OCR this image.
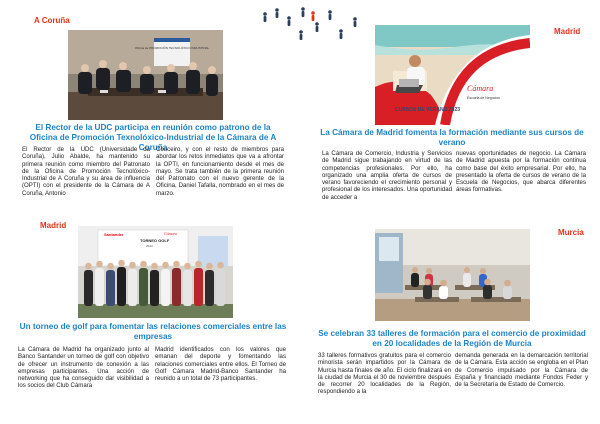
A Coruña
Oficina de PROMOCIÓN TECNOLÓXICO INDUSTRIAL
El Rector de la UDC participa en reunión como patrono de la Oficina de Promoción Texnolóxico-Industrial de la Cámara de A Coruña
El Rector de la UDC (Universidade da Coruña), Julio Abalde, ha mantenido su primera reunión como miembro del Patronato de la Oficina de Promoción Tecnolóxico-Industrial de A Coruña y su área de influencia (OPTI) con el presidente de la Cámara de A Coruña, Antonio
Couceiro, y con el resto de miembros para abordar los retos inmediatos que va a afrontar la OPTI, en funcionamiento desde el mes de mayo. Se trata también de la primera reunión del Patronato con el nuevo gerente de la Oficina, Daniel Tafalla, nombrado en el mes de marzo.
Madrid
CURSOS DE VERANO 2023
Cámara
Escuela de Negocios
La Cámara de Madrid fomenta la formación mediante sus cursos de verano
La Cámara de Comercio, Industria y Servicios de Madrid sigue trabajando en virtud de las competencias profesionales. Por ello, ha organizado una amplia oferta de cursos de verano favoreciendo el crecimiento personal y profesional de los interesados. Una oportunidad de acceder a
nuevas oportunidades de negocio. La Cámara de Madrid apuesta por la formación continua como base del éxito empresarial. Por ello, ha presentado la oferta de cursos de verano de la Escuela de Negocios, que abarca diferentes áreas formativas.
Madrid
Santander
TORNEO GOLF
2023
Cámara
Un torneo de golf para fomentar las relaciones comerciales entre las empresas
La Cámara de Madrid ha organizado junto al Banco Santander un torneo de golf con objetivo de ofrecer un instrumento de conexión a las empresas participantes. Una acción de networking que ha conseguido dar visibilidad a los socios del Club Cámara
Madrid identificados con los valores que emanan del deporte y fomentando las relaciones comerciales entre ellos. El Torneo de Golf Cámara Madrid-Banco Santander ha reunido a un total de 73 participantes.
Murcia
Se celebran 33 talleres de formación para el comercio de proximidad en 20 localidades de la Región de Murcia
33 talleres formativos gratuitos para el comercio minorista serán impartidos por la Cámara de Murcia hasta finales de año. El ciclo finalizará en la ciudad de Murcia el 30 de noviembre después de recorrer 20 localidades de la Región, respondiendo a la
demanda generada en la demarcación territorial de la Cámara. Esta acción se engloba en el Plan de Comercio impulsado por la Cámara de España y financiado mediante Fondos Feder y de la Secretaría de Estado de Comercio.
